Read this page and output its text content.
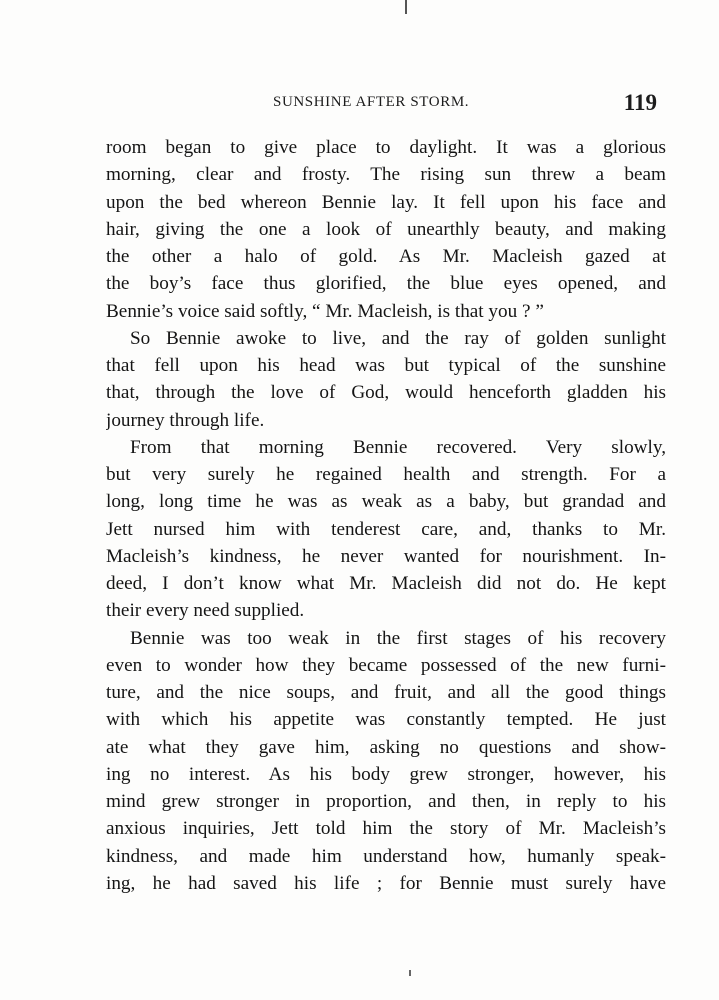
SUNSHINE AFTER STORM.	119
room began to give place to daylight. It was a glorious
morning, clear and frosty. The rising sun threw a beam
upon the bed whereon Bennie lay. It fell upon his face and
hair, giving the one a look of unearthly beauty, and making
the other a halo of gold. As Mr. Macleish gazed at
the boy’s face thus glorified, the blue eyes opened, and
Bennie’s voice said softly, “ Mr. Macleish, is that you ? ”
So Bennie awoke to live, and the ray of golden sunlight
that fell upon his head was but typical of the sunshine
that, through the love of God, would henceforth gladden his
journey through life.
From that morning Bennie recovered. Very slowly,
but very surely he regained health and strength. For a
long, long time he was as weak as a baby, but grandad and
Jett nursed him with tenderest care, and, thanks to Mr.
Macleish’s kindness, he never wanted for nourishment. In-
deed, I don’t know what Mr. Macleish did not do. He kept
their every need supplied.
Bennie was too weak in the first stages of his recovery
even to wonder how they became possessed of the new furni-
ture, and the nice soups, and fruit, and all the good things
with which his appetite was constantly tempted. He just
ate what they gave him, asking no questions and show-
ing no interest. As his body grew stronger, however, his
mind grew stronger in proportion, and then, in reply to his
anxious inquiries, Jett told him the story of Mr. Macleish’s
kindness, and made him understand how, humanly speak-
ing, he had saved his life ; for Bennie must surely have
